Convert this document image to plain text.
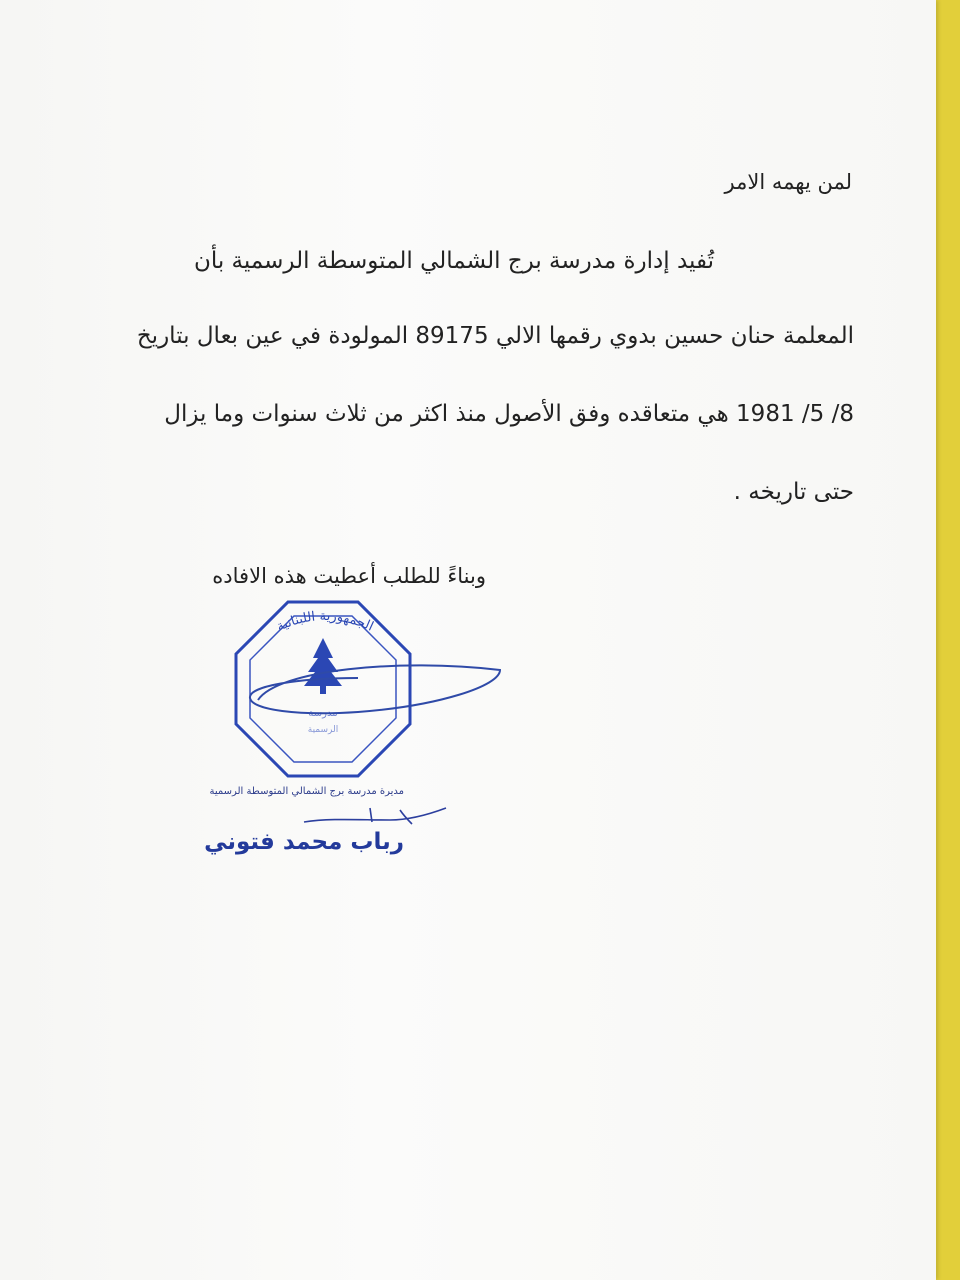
لمن يهمه الامر
تُفيد إدارة مدرسة برج الشمالي المتوسطة الرسمية بأن
المعلمة حنان حسين بدوي رقمها الالي 89175 المولودة في عين بعال بتاريخ
8/ 5/ 1981 هي متعاقده وفق الأصول منذ اكثر من ثلاث سنوات وما يزال
حتى تاريخه .
وبناءً للطلب أعطيت هذه الافاده
مدرسة
الرسمية
الجمهورية اللبنانية
مديرة مدرسة برج الشمالي المتوسطة الرسمية
رباب محمد فتوني
